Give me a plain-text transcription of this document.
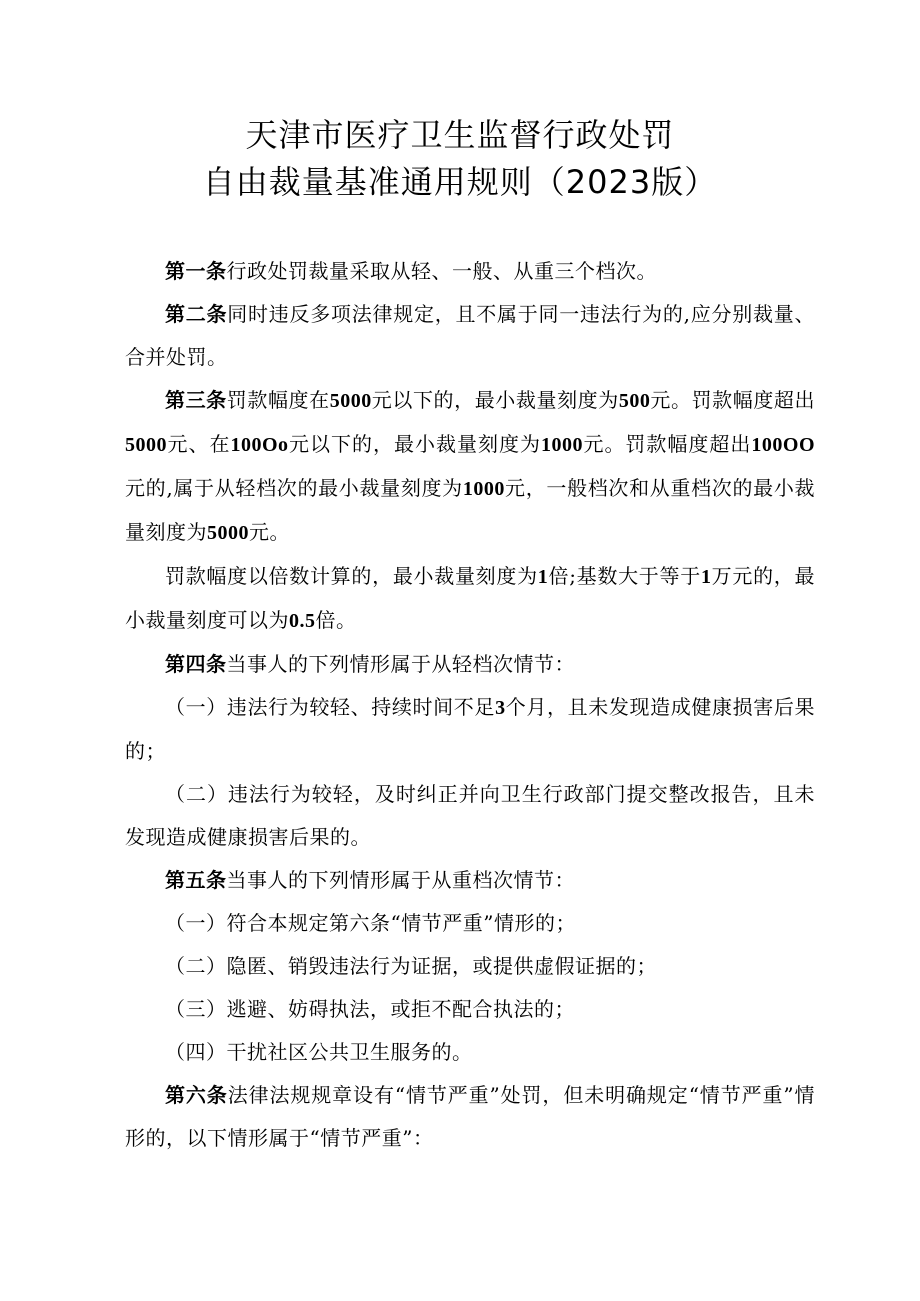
天津市医疗卫生监督行政处罚
自由裁量基准通用规则（2023版）

第一条行政处罚裁量采取从轻、一般、从重三个档次。

第二条同时违反多项法律规定，且不属于同一违法行为的,应分别裁量、合并处罚。

第三条罚款幅度在5000元以下的，最小裁量刻度为500元。罚款幅度超出5000元、在100Oo元以下的，最小裁量刻度为1000元。罚款幅度超出100OO元的,属于从轻档次的最小裁量刻度为1000元，一般档次和从重档次的最小裁量刻度为5000元。

罚款幅度以倍数计算的，最小裁量刻度为1倍;基数大于等于1万元的，最小裁量刻度可以为0.5倍。

第四条当事人的下列情形属于从轻档次情节：

（一）违法行为较轻、持续时间不足3个月，且未发现造成健康损害后果的；

（二）违法行为较轻，及时纠正并向卫生行政部门提交整改报告，且未发现造成健康损害后果的。

第五条当事人的下列情形属于从重档次情节：

（一）符合本规定第六条“情节严重”情形的；

（二）隐匿、销毁违法行为证据，或提供虚假证据的；

（三）逃避、妨碍执法，或拒不配合执法的；

（四）干扰社区公共卫生服务的。

第六条法律法规规章设有“情节严重”处罚，但未明确规定“情节严重”情形的，以下情形属于“情节严重”：
